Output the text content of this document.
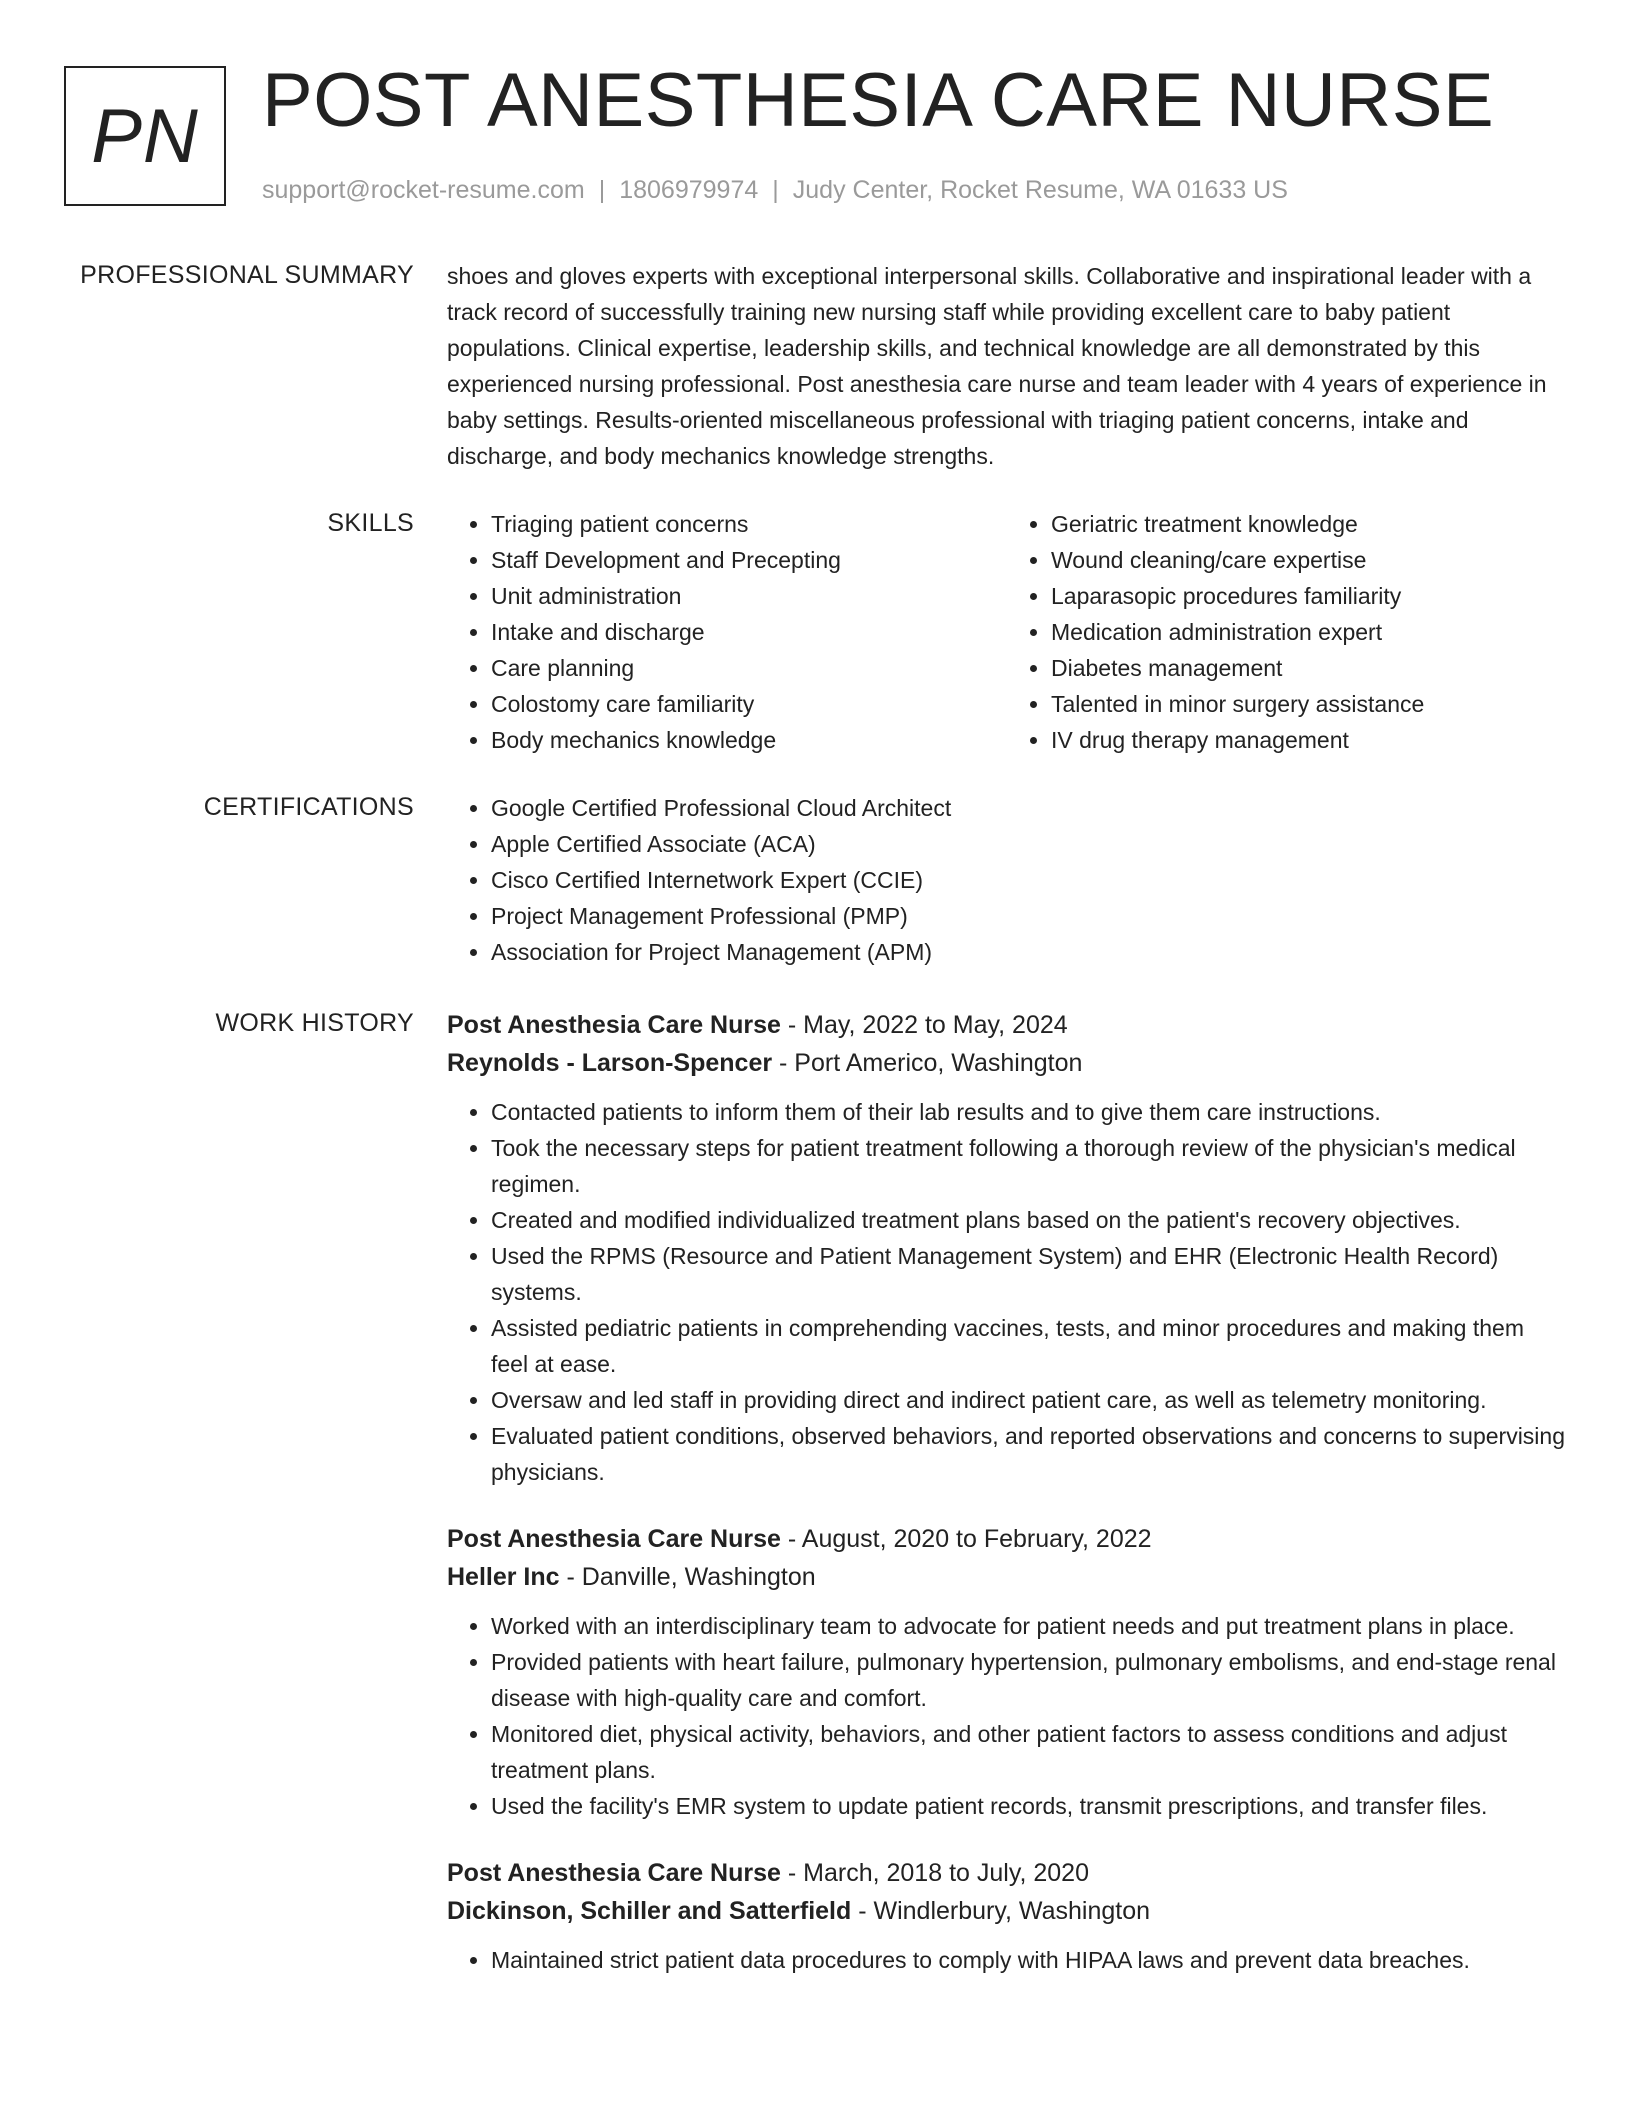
PN POST ANESTHESIA CARE NURSE
support@rocket-resume.com | 1806979974 | Judy Center, Rocket Resume, WA 01633 US
PROFESSIONAL SUMMARY shoes and gloves experts with exceptional interpersonal skills. Collaborative and inspirational leader with a track record of successfully training new nursing staff while providing excellent care to baby patient populations. Clinical expertise, leadership skills, and technical knowledge are all demonstrated by this experienced nursing professional. Post anesthesia care nurse and team leader with 4 years of experience in baby settings. Results-oriented miscellaneous professional with triaging patient concerns, intake and discharge, and body mechanics knowledge strengths.

SKILLS	• Triaging patient concerns
• Staff Development and Precepting
• Unit administration
• Intake and discharge
• Care planning
• Colostomy care familiarity
• Body mechanics knowledge
• Geriatric treatment knowledge
• Wound cleaning/care expertise
• Laparasopic procedures familiarity
• Medication administration expert
• Diabetes management
• Talented in minor surgery assistance
• IV drug therapy management
CERTIFICATIONS	• Google Certified Professional Cloud Architect
• Apple Certified Associate (ACA)
• Cisco Certified Internetwork Expert (CCIE)
• Project Management Professional (PMP)
• Association for Project Management (APM)
WORK HISTORY Post Anesthesia Care Nurse - May, 2022 to May, 2024
Reynolds - Larson-Spencer - Port Americo, Washington
• Contacted patients to inform them of their lab results and to give them care instructions.
• Took the necessary steps for patient treatment following a thorough review of the physician's medical regimen.
• Created and modified individualized treatment plans based on the patient's recovery objectives.
• Used the RPMS (Resource and Patient Management System) and EHR (Electronic Health Record) systems.
• Assisted pediatric patients in comprehending vaccines, tests, and minor procedures and making them feel at ease.
• Oversaw and led staff in providing direct and indirect patient care, as well as telemetry monitoring.
• Evaluated patient conditions, observed behaviors, and reported observations and concerns to supervising physicians.
Post Anesthesia Care Nurse - August, 2020 to February, 2022
Heller Inc - Danville, Washington
• Worked with an interdisciplinary team to advocate for patient needs and put treatment plans in place.
• Provided patients with heart failure, pulmonary hypertension, pulmonary embolisms, and end-stage renal disease with high-quality care and comfort.
• Monitored diet, physical activity, behaviors, and other patient factors to assess conditions and adjust treatment plans.
• Used the facility's EMR system to update patient records, transmit prescriptions, and transfer files.
Post Anesthesia Care Nurse - March, 2018 to July, 2020
Dickinson, Schiller and Satterfield - Windlerbury, Washington
• Maintained strict patient data procedures to comply with HIPAA laws and prevent data breaches.
